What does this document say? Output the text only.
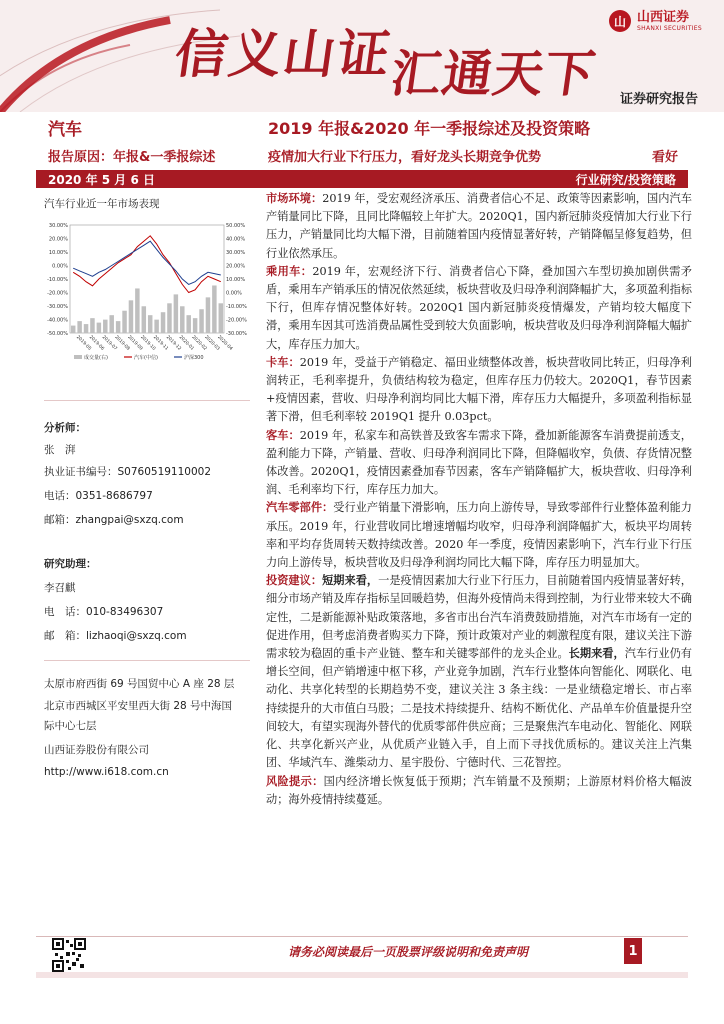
信义山证
汇通天下
山 山西证券
SHANXI SECURITIES
证券研究报告
汽车	2019 年报&2020 年一季报综述及投资策略
报告原因：年报&一季报综述	疫情加大行业下行压力，看好龙头长期竞争优势	看好
2020 年 5 月 6 日	行业研究/投资策略
汽车行业近一年市场表现
30.00%
20.00%
10.00%
0.00%
-10.00%
-20.00%
-30.00%
-40.00%
-50.00%
50.00%
40.00%
30.00%
20.00%
10.00%
0.00%
-10.00%
-20.00%
-30.00%
2019-05
2019-06
2019-07
2019-08
2019-09
2019-10
2019-11
2019-12
2020-01
2020-02
2020-03
2020-04
成交量(右)	汽车(中信)	沪深300
分析师：
张　湃
执业证书编号：S0760519110002
电话：0351-8686797
邮箱：zhangpai@sxzq.com
研究助理：
李召麒
电　话：010-83496307
邮　箱：lizhaoqi@sxzq.com
太原市府西街 69 号国贸中心 A 座 28 层
北京市西城区平安里西大街 28 号中海国
际中心七层
山西证券股份有限公司
http://www.i618.com.cn

市场环境：2019 年，受宏观经济承压、消费者信心不足、政策等因素影响，国内汽车产销量同比下降，且同比降幅较上年扩大。2020Q1，国内新冠肺炎疫情加大行业下行压力，产销量同比均大幅下滑，目前随着国内疫情显著好转，产销降幅呈修复趋势，但行业依然承压。

乘用车：2019 年，宏观经济下行、消费者信心下降，叠加国六车型切换加剧供需矛盾，乘用车产销承压的情况依然延续，板块营收及归母净利润降幅扩大，多项盈利指标下行，但库存情况整体好转。2020Q1 国内新冠肺炎疫情爆发，产销均较大幅度下滑，乘用车因其可选消费品属性受到较大负面影响，板块营收及归母净利润降幅大幅扩大，库存压力加大。

卡车：2019 年，受益于产销稳定、福田业绩整体改善，板块营收同比转正，归母净利润转正，毛利率提升，负债结构较为稳定，但库存压力仍较大。2020Q1，春节因素+疫情因素，营收、归母净利润均同比大幅下滑，库存压力大幅提升，多项盈利指标显著下滑，但毛利率较 2019Q1 提升 0.03pct。

客车：2019 年，私家车和高铁普及致客车需求下降，叠加新能源客车消费提前透支，盈利能力下降，产销量、营收、归母净利润同比下降，但降幅收窄，负债、存货情况整体改善。2020Q1，疫情因素叠加春节因素，客车产销降幅扩大，板块营收、归母净利润、毛利率均下行，库存压力加大。

汽车零部件：受行业产销量下滑影响，压力向上游传导，导致零部件行业整体盈利能力承压。2019 年，行业营收同比增速增幅均收窄，归母净利润降幅扩大，板块平均周转率和平均存货周转天数持续改善。2020 年一季度，疫情因素影响下，汽车行业下行压力向上游传导，板块营收及归母净利润均同比大幅下降，库存压力明显加大。

投资建议：短期来看，一是疫情因素加大行业下行压力，目前随着国内疫情显著好转，细分市场产销及库存指标呈回暖趋势，但海外疫情尚未得到控制，为行业带来较大不确定性，二是新能源补贴政策落地，多省市出台汽车消费鼓励措施，对汽车市场有一定的促进作用，但考虑消费者购买力下降，预计政策对产业的刺激程度有限，建议关注下游需求较为稳固的重卡产业链、整车和关键零部件的龙头企业。长期来看，汽车行业仍有增长空间，但产销增速中枢下移，产业竞争加剧，汽车行业整体向智能化、网联化、电动化、共享化转型的长期趋势不变，建议关注 3 条主线：一是业绩稳定增长、市占率持续提升的大市值白马股；二是技术持续提升、结构不断优化、产品单车价值量提升空间较大，有望实现海外替代的优质零部件供应商；三是聚焦汽车电动化、智能化、网联化、共享化新兴产业，从优质产业链入手，自上而下寻找优质标的。建议关注上汽集团、华域汽车、潍柴动力、星宇股份、宁德时代、三花智控。

风险提示：国内经济增长恢复低于预期；汽车销量不及预期；上游原材料价格大幅波动；海外疫情持续蔓延。

请务必阅读最后一页股票评级说明和免责声明	1
